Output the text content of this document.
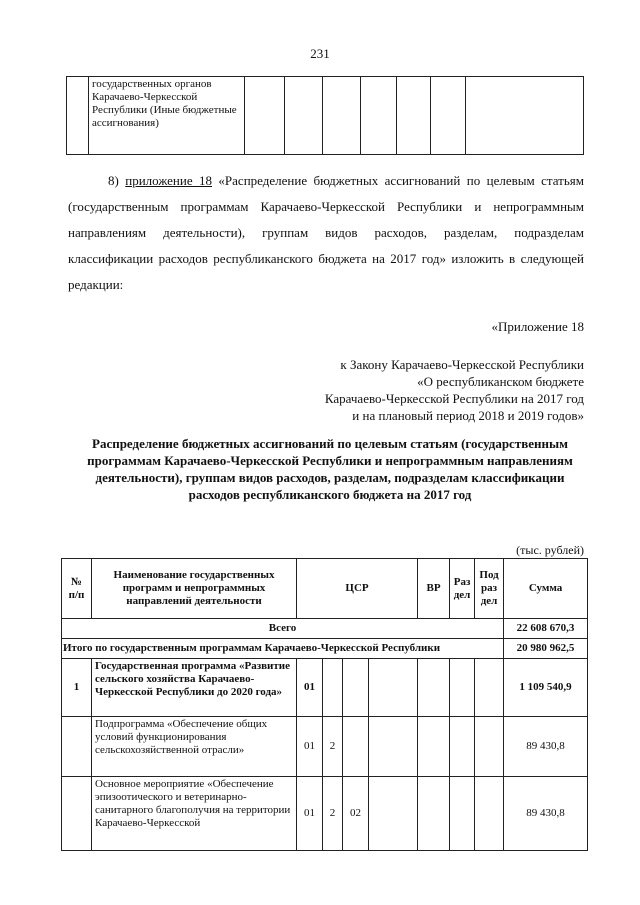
231
	государственных органов Карачаево-Черкесской Республики (Иные бюджетные ассигнования)							
8) приложение 18 «Распределение бюджетных ассигнований по целевым статьям (государственным программам Карачаево-Черкесской Республики и непрограммным направлениям деятельности), группам видов расходов, разделам, подразделам классификации расходов республиканского бюджета на 2017 год» изложить в следующей редакции:
«Приложение 18
к Закону Карачаево-Черкесской Республики
«О республиканском бюджете
Карачаево-Черкесской Республики на 2017 год
и на плановый период 2018 и 2019 годов»
Распределение бюджетных ассигнований по целевым статьям (государственным программам Карачаево-Черкесской Республики и непрограммным направлениям деятельности), группам видов расходов, разделам, подразделам классификации расходов республиканского бюджета на 2017 год
(тыс. рублей)
№ п/п	Наименование государственных программ и непрограммных направлений деятельности	ЦСР				ВР	Раз дел	Под раз дел	Сумма
Всего									22 608 670,3
Итого по государственным программам Карачаево-Черкесской Республики									20 980 962,5
1	Государственная программа «Развитие сельского хозяйства Карачаево-Черкесской Республики до 2020 года»	01							1 109 540,9
	Подпрограмма «Обеспечение общих условий функционирования сельскохозяйственной отрасли»	01	2						89 430,8
	Основное мероприятие «Обеспечение эпизоотического и ветеринарно-санитарного благополучия на территории Карачаево-Черкесской	01	2	02					89 430,8
